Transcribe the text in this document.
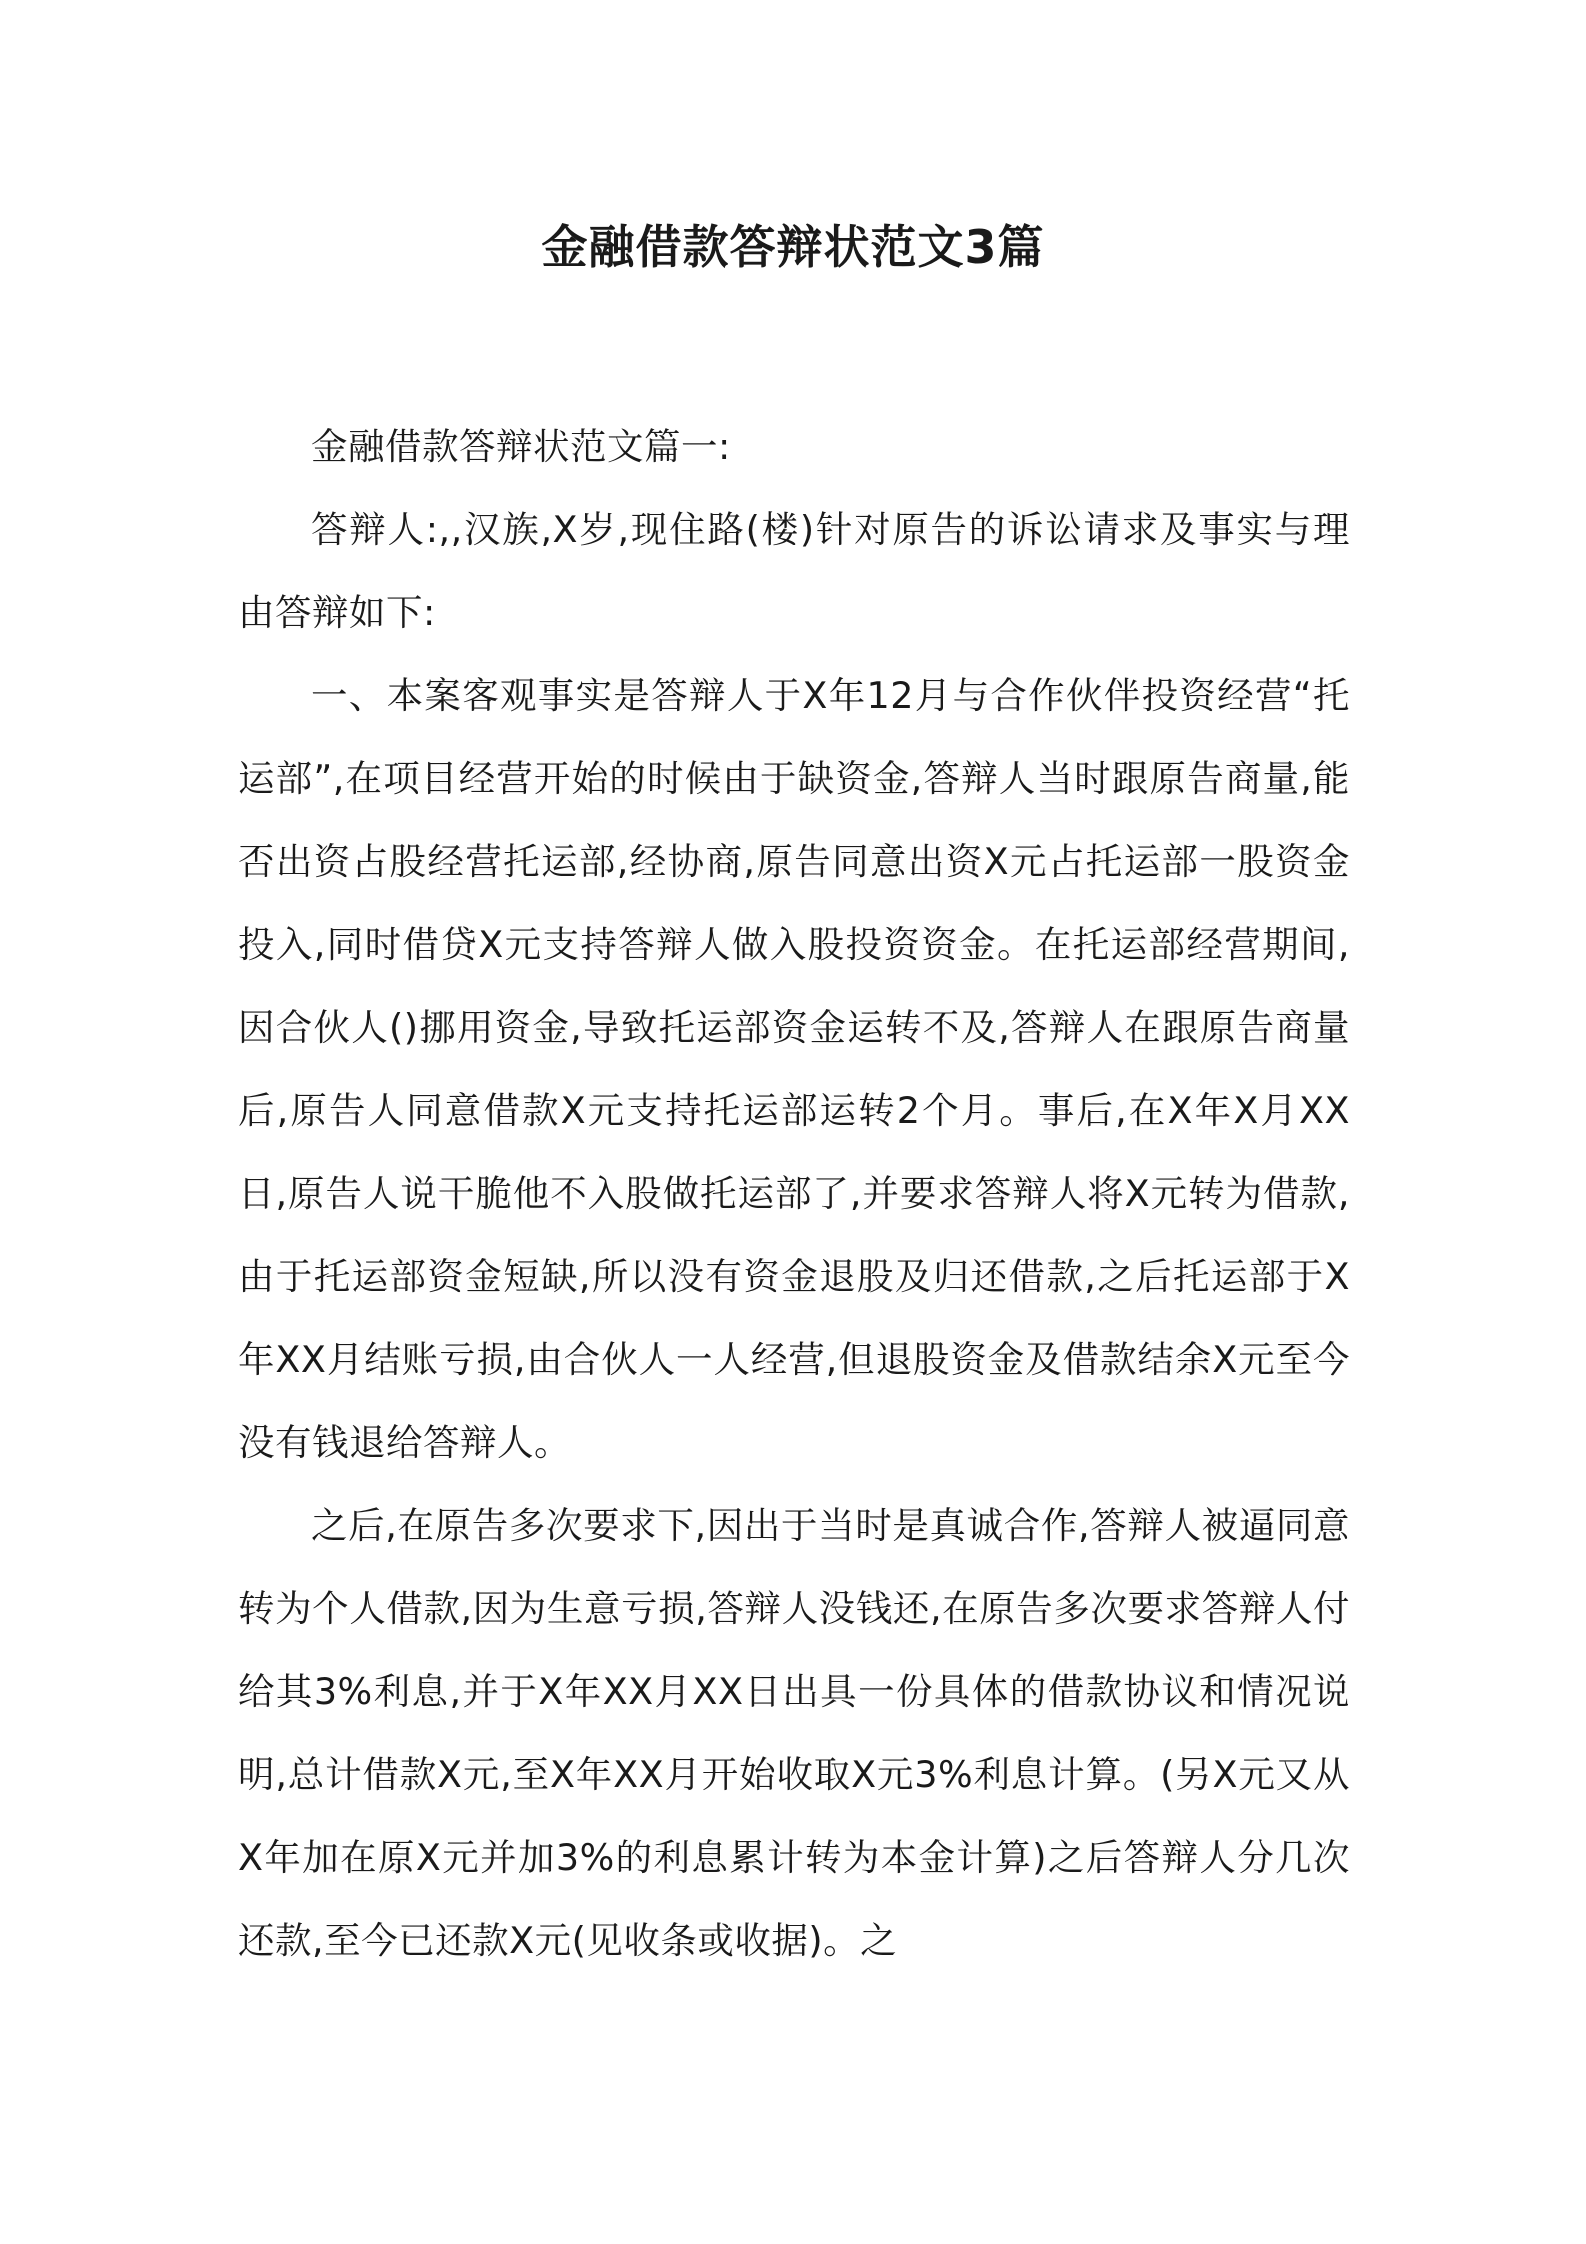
金融借款答辩状范文3篇

金融借款答辩状范文篇一:

答辩人:,,汉族,X岁,现住路(楼)针对原告的诉讼请求及事实与理由答辩如下:

一、本案客观事实是答辩人于X年12月与合作伙伴投资经营“托运部”,在项目经营开始的时候由于缺资金,答辩人当时跟原告商量,能否出资占股经营托运部,经协商,原告同意出资X元占托运部一股资金投入,同时借贷X元支持答辩人做入股投资资金。在托运部经营期间,因合伙人()挪用资金,导致托运部资金运转不及,答辩人在跟原告商量后,原告人同意借款X元支持托运部运转2个月。事后,在X年X月XX日,原告人说干脆他不入股做托运部了,并要求答辩人将X元转为借款,由于托运部资金短缺,所以没有资金退股及归还借款,之后托运部于X年XX月结账亏损,由合伙人一人经营,但退股资金及借款结余X元至今没有钱退给答辩人。

之后,在原告多次要求下,因出于当时是真诚合作,答辩人被逼同意转为个人借款,因为生意亏损,答辩人没钱还,在原告多次要求答辩人付给其3%利息,并于X年XX月XX日出具一份具体的借款协议和情况说明,总计借款X元,至X年XX月开始收取X元3%利息计算。(另X元又从X年加在原X元并加3%的利息累计转为本金计算)之后答辩人分几次还款,至今已还款X元(见收条或收据)。之
